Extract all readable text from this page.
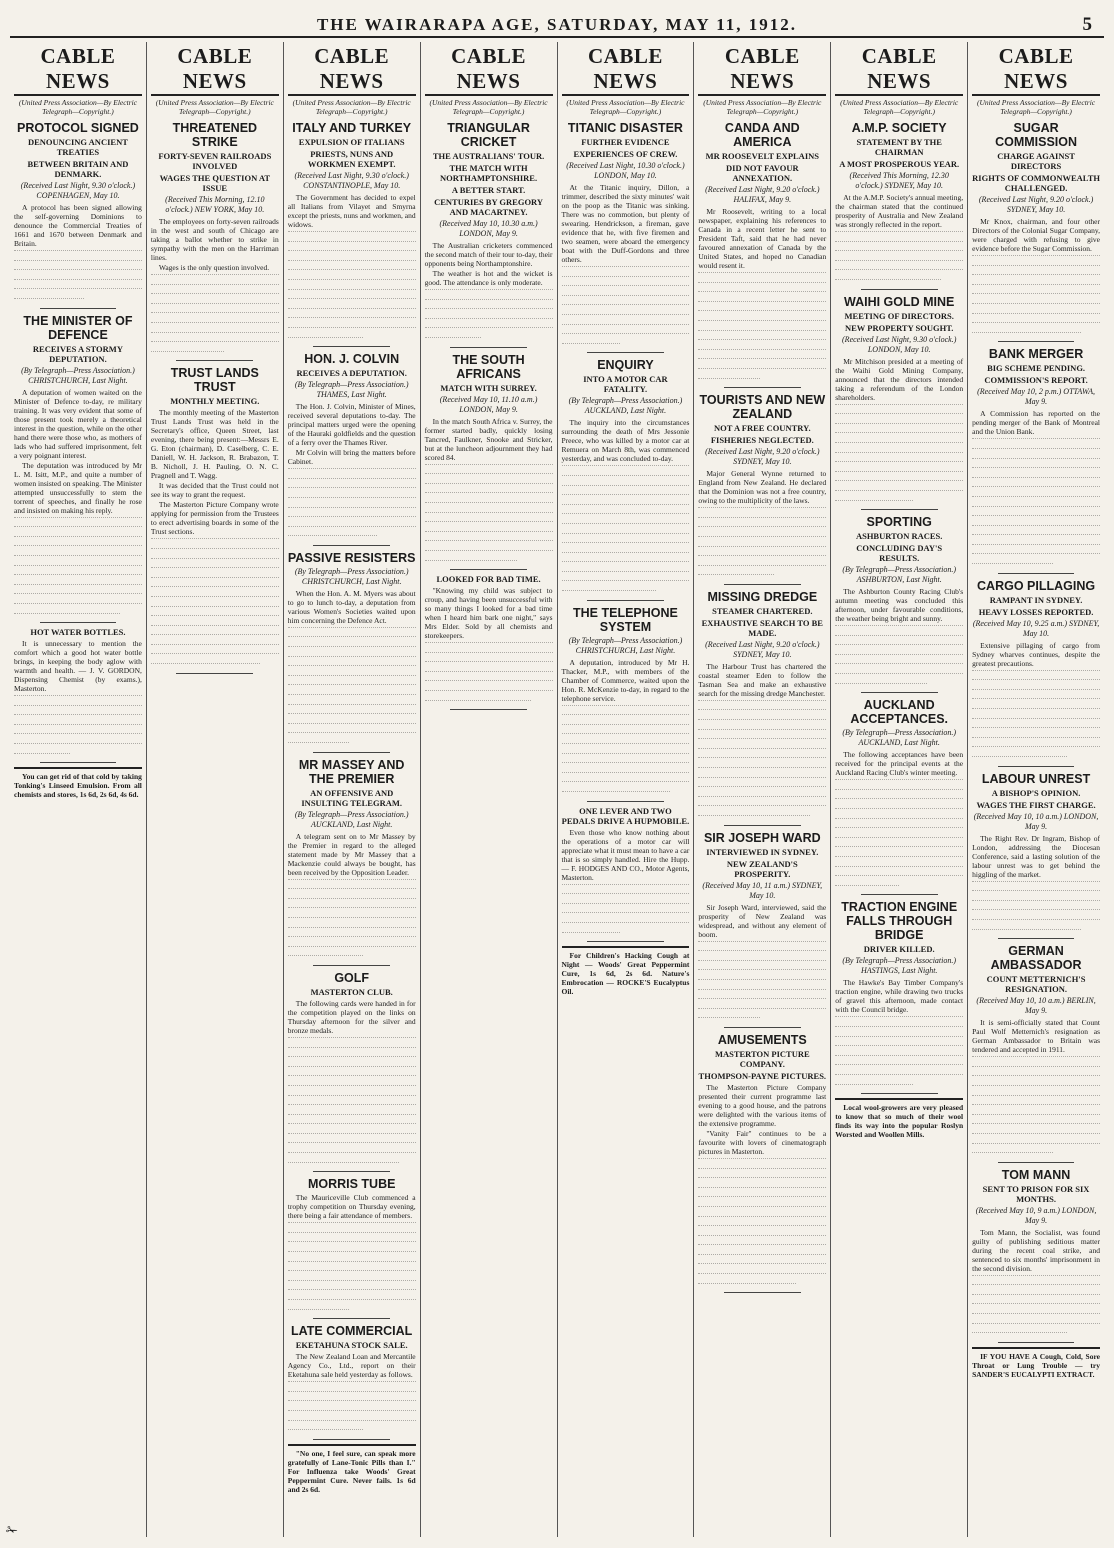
THE WAIRARAPA AGE, SATURDAY, MAY 11, 1912.	5
CABLE NEWS
(United Press Association—By Electric Telegraph—Copyright.)
PROTOCOL SIGNED
DENOUNCING ANCIENT TREATIES
BETWEEN BRITAIN AND DENMARK.
(Received Last Night, 9.30 o'clock.) COPENHAGEN, May 10.

A protocol has been signed allowing the self-governing Dominions to denounce the Commercial Treaties of 1661 and 1670 between Denmark and Britain.

THE MINISTER OF DEFENCE
RECEIVES A STORMY DEPUTATION.
(By Telegraph—Press Association.) CHRISTCHURCH, Last Night.

A deputation of women waited on the Minister of Defence to-day, re military training. It was very evident that some of those present took merely a theoretical interest in the question, while on the other hand there were those who, as mothers of lads who had suffered imprisonment, felt a very poignant interest.

The deputation was introduced by Mr L. M. Isitt, M.P., and quite a number of women insisted on speaking. The Minister attempted unsuccessfully to stem the torrent of speeches, and finally he rose and insisted on making his reply.

HOT WATER BOTTLES.

It is unnecessary to mention the comfort which a good hot water bottle brings, in keeping the body aglow with warmth and health. — J. V. GORDON, Dispensing Chemist (by exams.), Masterton.

You can get rid of that cold by taking Tonking's Linseed Emulsion. From all chemists and stores, 1s 6d, 2s 6d, 4s 6d.

CABLE NEWS
(United Press Association—By Electric Telegraph—Copyright.)
THREATENED STRIKE
FORTY-SEVEN RAILROADS INVOLVED
WAGES THE QUESTION AT ISSUE
(Received This Morning, 12.10 o'clock.) NEW YORK, May 10.

The employees on forty-seven railroads in the west and south of Chicago are taking a ballot whether to strike in sympathy with the men on the Harriman lines.

Wages is the only question involved.

TRUST LANDS TRUST
MONTHLY MEETING.

The monthly meeting of the Masterton Trust Lands Trust was held in the Secretary's office, Queen Street, last evening, there being present:—Messrs E. G. Eton (chairman), D. Caselberg, C. E. Daniell, W. H. Jackson, R. Brabazon, T. B. Nicholl, J. H. Pauling, O. N. C. Pragnell and T. Wagg.

It was decided that the Trust could not see its way to grant the request.

The Masterton Picture Company wrote applying for permission from the Trustees to erect advertising boards in some of the Trust sections.

CABLE NEWS
(United Press Association—By Electric Telegraph—Copyright.)
ITALY AND TURKEY
EXPULSION OF ITALIANS
PRIESTS, NUNS AND WORKMEN EXEMPT.
(Received Last Night, 9.30 o'clock.) CONSTANTINOPLE, May 10.

The Government has decided to expel all Italians from Vilayet and Smyrna except the priests, nuns and workmen, and widows.

HON. J. COLVIN
RECEIVES A DEPUTATION.
(By Telegraph—Press Association.) THAMES, Last Night.

The Hon. J. Colvin, Minister of Mines, received several deputations to-day. The principal matters urged were the opening of the Hauraki goldfields and the question of a ferry over the Thames River.

Mr Colvin will bring the matters before Cabinet.

PASSIVE RESISTERS
(By Telegraph—Press Association.) CHRISTCHURCH, Last Night.

When the Hon. A. M. Myers was about to go to lunch to-day, a deputation from various Women's Societies waited upon him concerning the Defence Act.

MR MASSEY AND THE PREMIER
AN OFFENSIVE AND INSULTING TELEGRAM.
(By Telegraph—Press Association.) AUCKLAND, Last Night.

A telegram sent on to Mr Massey by the Premier in regard to the alleged statement made by Mr Massey that a Mackenzie could always be bought, has been received by the Opposition Leader.

GOLF
MASTERTON CLUB.

The following cards were handed in for the competition played on the links on Thursday afternoon for the silver and bronze medals.

MORRIS TUBE

The Mauriceville Club commenced a trophy competition on Thursday evening, there being a fair attendance of members.

LATE COMMERCIAL
EKETAHUNA STOCK SALE.

The New Zealand Loan and Mercantile Agency Co., Ltd., report on their Eketahuna sale held yesterday as follows.

"No one, I feel sure, can speak more gratefully of Lane-Tonic Pills than I." For Influenza take Woods' Great Peppermint Cure. Never fails. 1s 6d and 2s 6d.

CABLE NEWS
(United Press Association—By Electric Telegraph—Copyright.)
TRIANGULAR CRICKET
THE AUSTRALIANS' TOUR.
THE MATCH WITH NORTHAMPTONSHIRE.
A BETTER START.
CENTURIES BY GREGORY AND MACARTNEY.
(Received May 10, 10.30 a.m.) LONDON, May 9.

The Australian cricketers commenced the second match of their tour to-day, their opponents being Northamptonshire.

The weather is hot and the wicket is good. The attendance is only moderate.

THE SOUTH AFRICANS
MATCH WITH SURREY.
(Received May 10, 11.10 a.m.) LONDON, May 9.

In the match South Africa v. Surrey, the former started badly, quickly losing Tancred, Faulkner, Snooke and Stricker, but at the luncheon adjournment they had scored 84.

LOOKED FOR BAD TIME.

"Knowing my child was subject to croup, and having been unsuccessful with so many things I looked for a bad time when I heard him bark one night," says Mrs Elder. Sold by all chemists and storekeepers.

CABLE NEWS
(United Press Association—By Electric Telegraph—Copyright.)
TITANIC DISASTER
FURTHER EVIDENCE
EXPERIENCES OF CREW.
(Received Last Night, 10.30 o'clock.) LONDON, May 10.

At the Titanic inquiry, Dillon, a trimmer, described the sixty minutes' wait on the poop as the Titanic was sinking. There was no commotion, but plenty of swearing. Hendrickson, a fireman, gave evidence that he, with five firemen and two seamen, were aboard the emergency boat with the Duff-Gordons and three others.

ENQUIRY
INTO A MOTOR CAR FATALITY.
(By Telegraph—Press Association.) AUCKLAND, Last Night.

The inquiry into the circumstances surrounding the death of Mrs Jessonie Preece, who was killed by a motor car at Remuera on March 8th, was commenced yesterday, and was concluded to-day.

THE TELEPHONE SYSTEM
(By Telegraph—Press Association.) CHRISTCHURCH, Last Night.

A deputation, introduced by Mr H. Thacker, M.P., with members of the Chamber of Commerce, waited upon the Hon. R. McKenzie to-day, in regard to the telephone service.

ONE LEVER AND TWO PEDALS DRIVE A HUPMOBILE.

Even those who know nothing about the operations of a motor car will appreciate what it must mean to have a car that is so simply handled. Hire the Hupp. — F. HODGES AND CO., Motor Agents, Masterton.

For Children's Hacking Cough at Night — Woods' Great Peppermint Cure, 1s 6d, 2s 6d. Nature's Embrocation — ROCKE'S Eucalyptus Oil.

CABLE NEWS
(United Press Association—By Electric Telegraph—Copyright.)
CANDA AND AMERICA
MR ROOSEVELT EXPLAINS
DID NOT FAVOUR ANNEXATION.
(Received Last Night, 9.20 o'clock.) HALIFAX, May 9.

Mr Roosevelt, writing to a local newspaper, explaining his references to Canada in a recent letter he sent to President Taft, said that he had never favoured annexation of Canada by the United States, and hoped no Canadian would resent it.

TOURISTS AND NEW ZEALAND
NOT A FREE COUNTRY.
FISHERIES NEGLECTED.
(Received Last Night, 9.20 o'clock.) SYDNEY, May 10.

Major General Wynne returned to England from New Zealand. He declared that the Dominion was not a free country, owing to the multiplicity of the laws.

MISSING DREDGE
STEAMER CHARTERED.
EXHAUSTIVE SEARCH TO BE MADE.
(Received Last Night, 9.20 o'clock.) SYDNEY, May 10.

The Harbour Trust has chartered the coastal steamer Eden to follow the Tasman Sea and make an exhaustive search for the missing dredge Manchester.

SIR JOSEPH WARD
INTERVIEWED IN SYDNEY.
NEW ZEALAND'S PROSPERITY.
(Received May 10, 11 a.m.) SYDNEY, May 10.

Sir Joseph Ward, interviewed, said the prosperity of New Zealand was widespread, and without any element of boom.

AMUSEMENTS
MASTERTON PICTURE COMPANY.
THOMPSON-PAYNE PICTURES.

The Masterton Picture Company presented their current programme last evening to a good house, and the patrons were delighted with the various items of the extensive programme.

"Vanity Fair" continues to be a favourite with lovers of cinematograph pictures in Masterton.

CABLE NEWS
(United Press Association—By Electric Telegraph—Copyright.)
A.M.P. SOCIETY
STATEMENT BY THE CHAIRMAN
A MOST PROSPEROUS YEAR.
(Received This Morning, 12.30 o'clock.) SYDNEY, May 10.

At the A.M.P. Society's annual meeting, the chairman stated that the continued prosperity of Australia and New Zealand was strongly reflected in the report.

WAIHI GOLD MINE
MEETING OF DIRECTORS.
NEW PROPERTY SOUGHT.
(Received Last Night, 9.30 o'clock.) LONDON, May 10.

Mr Mitchison presided at a meeting of the Waihi Gold Mining Company, announced that the directors intended taking a referendum of the London shareholders.

SPORTING
ASHBURTON RACES.
CONCLUDING DAY'S RESULTS.
(By Telegraph—Press Association.) ASHBURTON, Last Night.

The Ashburton County Racing Club's autumn meeting was concluded this afternoon, under favourable conditions, the weather being bright and sunny.

AUCKLAND ACCEPTANCES.
(By Telegraph—Press Association.) AUCKLAND, Last Night.

The following acceptances have been received for the principal events at the Auckland Racing Club's winter meeting.

TRACTION ENGINE FALLS THROUGH BRIDGE
DRIVER KILLED.
(By Telegraph—Press Association.) HASTINGS, Last Night.

The Hawke's Bay Timber Company's traction engine, while drawing two trucks of gravel this afternoon, made contact with the Council bridge.

Local wool-growers are very pleased to know that so much of their wool finds its way into the popular Roslyn Worsted and Woollen Mills.

CABLE NEWS
(United Press Association—By Electric Telegraph—Copyright.)
SUGAR COMMISSION
CHARGE AGAINST DIRECTORS
RIGHTS OF COMMONWEALTH CHALLENGED.
(Received Last Night, 9.20 o'clock.) SYDNEY, May 10.

Mr Knox, chairman, and four other Directors of the Colonial Sugar Company, were charged with refusing to give evidence before the Sugar Commission.

BANK MERGER
BIG SCHEME PENDING.
COMMISSION'S REPORT.
(Received May 10, 2 p.m.) OTTAWA, May 9.

A Commission has reported on the pending merger of the Bank of Montreal and the Union Bank.

CARGO PILLAGING
RAMPANT IN SYDNEY.
HEAVY LOSSES REPORTED.
(Received May 10, 9.25 a.m.) SYDNEY, May 10.

Extensive pillaging of cargo from Sydney wharves continues, despite the greatest precautions.

LABOUR UNREST
A BISHOP'S OPINION.
WAGES THE FIRST CHARGE.
(Received May 10, 10 a.m.) LONDON, May 9.

The Right Rev. Dr Ingram, Bishop of London, addressing the Diocesan Conference, said a lasting solution of the labour unrest was to get behind the higgling of the market.

GERMAN AMBASSADOR
COUNT METTERNICH'S RESIGNATION.
(Received May 10, 10 a.m.) BERLIN, May 9.

It is semi-officially stated that Count Paul Wolf Metternich's resignation as German Ambassador to Britain was tendered and accepted in 1911.

TOM MANN
SENT TO PRISON FOR SIX MONTHS.
(Received May 10, 9 a.m.) LONDON, May 9.

Tom Mann, the Socialist, was found guilty of publishing seditious matter during the recent coal strike, and sentenced to six months' imprisonment in the second division.

IF YOU HAVE A Cough, Cold, Sore Throat or Lung Trouble — try SANDER'S EUCALYPTI EXTRACT.

✁
